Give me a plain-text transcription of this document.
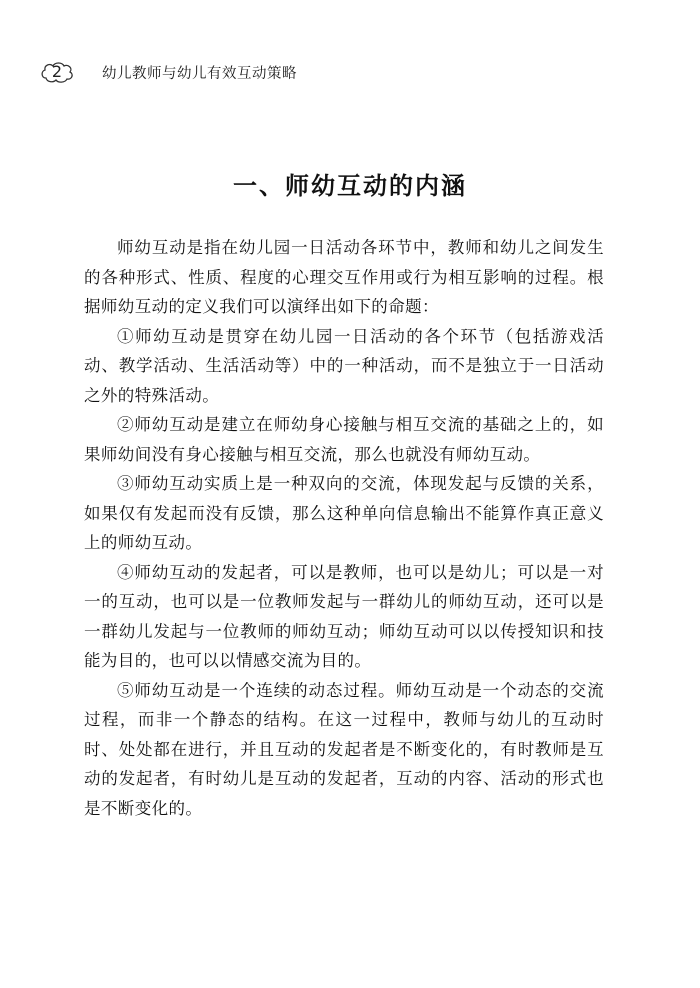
2	幼儿教师与幼儿有效互动策略
一、师幼互动的内涵

师幼互动是指在幼儿园一日活动各环节中，教师和幼儿之间发生的各种形式、性质、程度的心理交互作用或行为相互影响的过程。根据师幼互动的定义我们可以演绎出如下的命题：

①师幼互动是贯穿在幼儿园一日活动的各个环节（包括游戏活动、教学活动、生活活动等）中的一种活动，而不是独立于一日活动之外的特殊活动。

②师幼互动是建立在师幼身心接触与相互交流的基础之上的，如果师幼间没有身心接触与相互交流，那么也就没有师幼互动。

③师幼互动实质上是一种双向的交流，体现发起与反馈的关系，如果仅有发起而没有反馈，那么这种单向信息输出不能算作真正意义上的师幼互动。

④师幼互动的发起者，可以是教师，也可以是幼儿；可以是一对一的互动，也可以是一位教师发起与一群幼儿的师幼互动，还可以是一群幼儿发起与一位教师的师幼互动；师幼互动可以以传授知识和技能为目的，也可以以情感交流为目的。

⑤师幼互动是一个连续的动态过程。师幼互动是一个动态的交流过程，而非一个静态的结构。在这一过程中，教师与幼儿的互动时时、处处都在进行，并且互动的发起者是不断变化的，有时教师是互动的发起者，有时幼儿是互动的发起者，互动的内容、活动的形式也是不断变化的。
